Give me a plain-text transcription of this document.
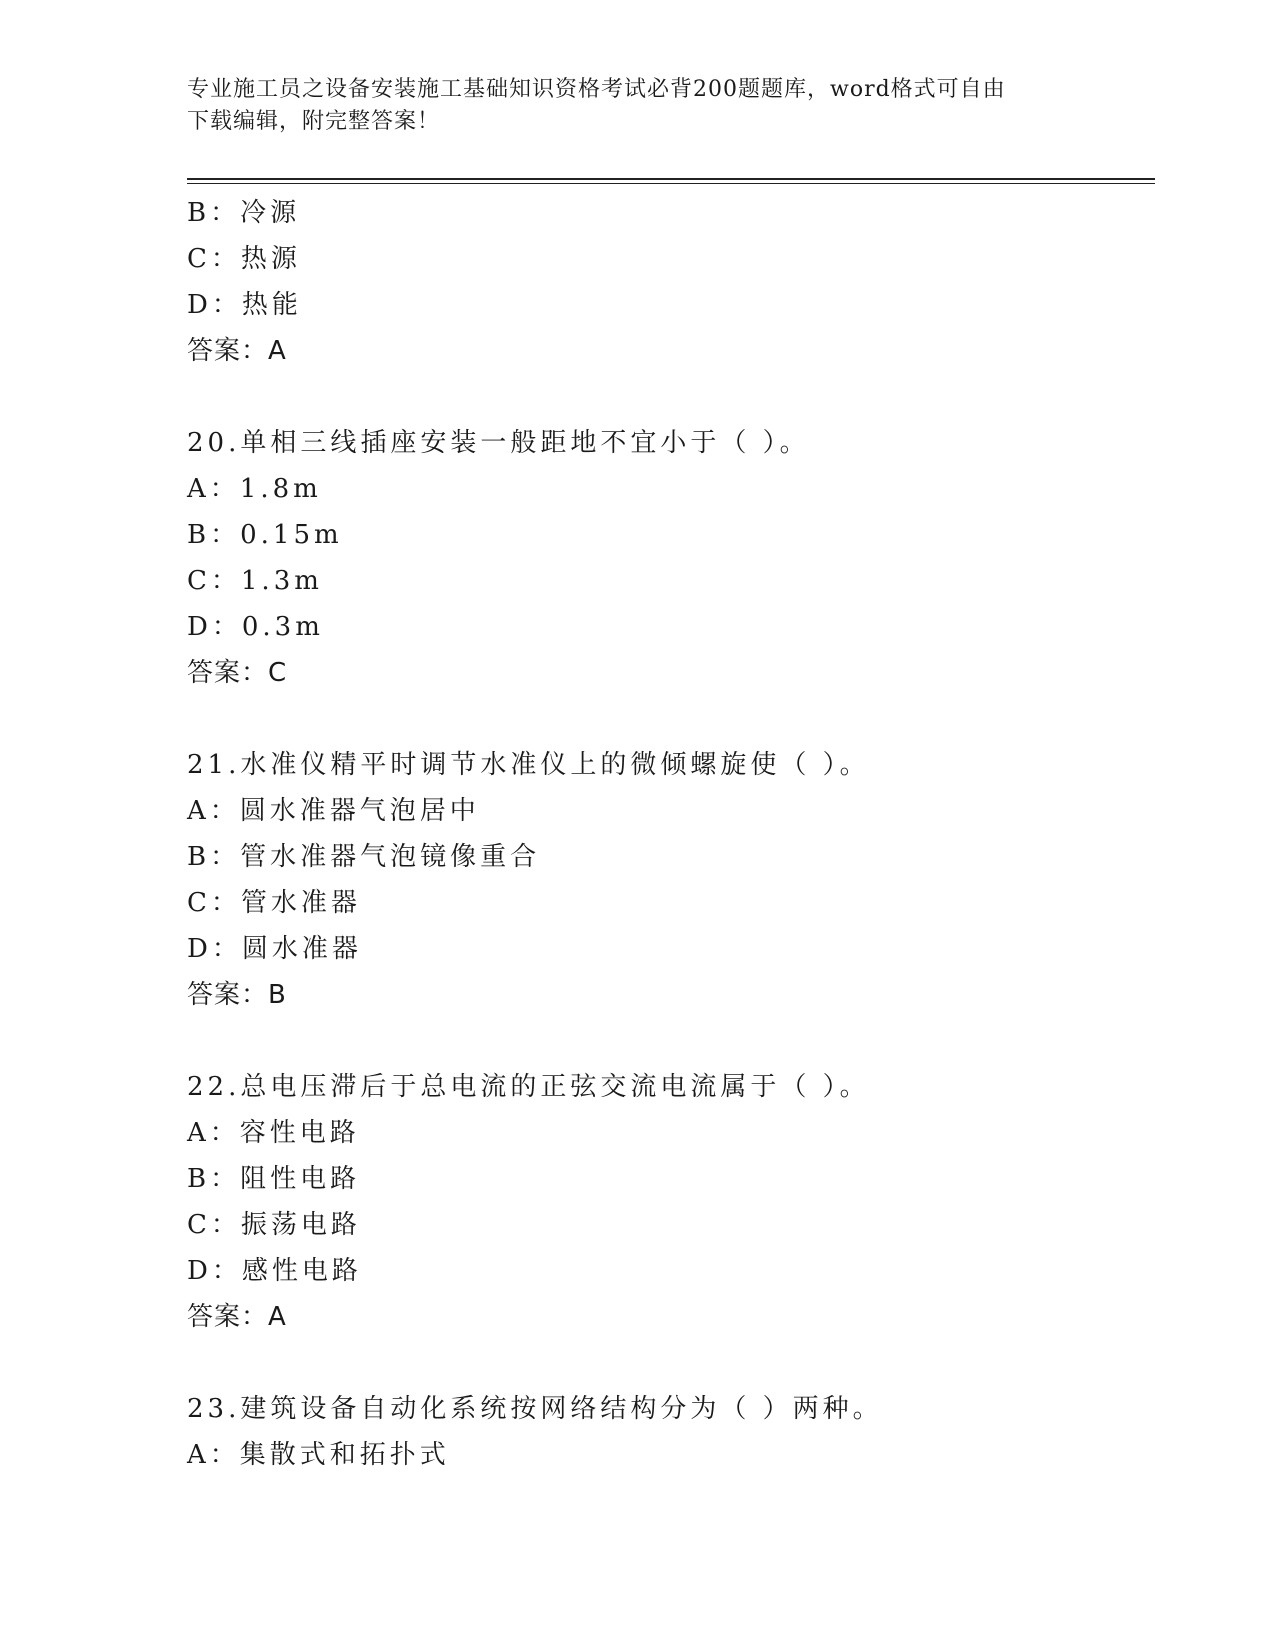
专业施工员之设备安装施工基础知识资格考试必背200题题库，word格式可自由
下载编辑，附完整答案！
B：冷源
C：热源
D：热能
答案：A
20.单相三线插座安装一般距地不宜小于（ ）。
A：1.8m
B：0.15m
C：1.3m
D：0.3m
答案：C
21.水准仪精平时调节水准仪上的微倾螺旋使（ ）。
A：圆水准器气泡居中
B：管水准器气泡镜像重合
C：管水准器
D：圆水准器
答案：B
22.总电压滞后于总电流的正弦交流电流属于（ ）。
A：容性电路
B：阻性电路
C：振荡电路
D：感性电路
答案：A
23.建筑设备自动化系统按网络结构分为（ ）两种。
A：集散式和拓扑式
